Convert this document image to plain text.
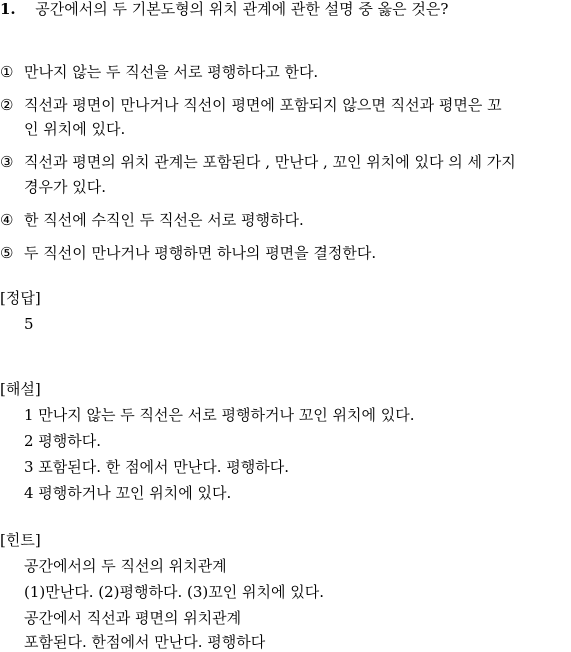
1. 공간에서의 두 기본도형의 위치 관계에 관한 설명 중 옳은 것은?
① 만나지 않는 두 직선을 서로 평행하다고 한다.
② 직선과 평면이 만나거나 직선이 평면에 포함되지 않으면 직선과 평면은 꼬
인 위치에 있다.
③ 직선과 평면의 위치 관계는 포함된다 , 만난다 , 꼬인 위치에 있다 의 세 가지
경우가 있다.
④ 한 직선에 수직인 두 직선은 서로 평행하다.
⑤ 두 직선이 만나거나 평행하면 하나의 평면을 결정한다.
[정답]
5
[해설]
1 만나지 않는 두 직선은 서로 평행하거나 꼬인 위치에 있다.
2 평행하다.
3 포함된다. 한 점에서 만난다. 평행하다.
4 평행하거나 꼬인 위치에 있다.
[힌트]
공간에서의 두 직선의 위치관계
(1)만난다. (2)평행하다. (3)꼬인 위치에 있다.
공간에서 직선과 평면의 위치관계
포함된다. 한점에서 만난다. 평행하다
